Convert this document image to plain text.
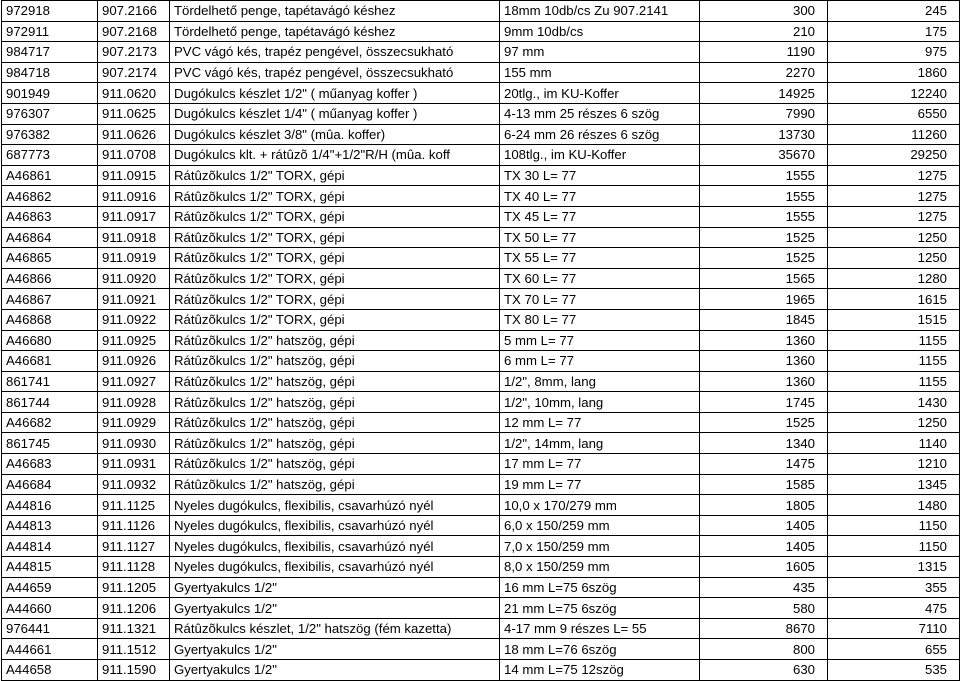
972918	907.2166	Tördelhető penge, tapétavágó késhez	18mm 10db/cs Zu 907.2141	300	245
972911	907.2168	Tördelhető penge, tapétavágó késhez	9mm 10db/cs	210	175
984717	907.2173	PVC vágó kés, trapéz pengével, összecsukható	97 mm	1190	975
984718	907.2174	PVC vágó kés, trapéz pengével, összecsukható	155 mm	2270	1860
901949	911.0620	Dugókulcs készlet 1/2" ( műanyag koffer )	20tlg., im KU-Koffer	14925	12240
976307	911.0625	Dugókulcs készlet 1/4" ( műanyag koffer )	4-13 mm 25 részes 6 szög	7990	6550
976382	911.0626	Dugókulcs készlet 3/8" (mûa. koffer)	6-24 mm 26 részes 6 szög	13730	11260
687773	911.0708	Dugókulcs klt. + rátûzõ 1/4"+1/2"R/H (mûa. koff	108tlg., im KU-Koffer	35670	29250
A46861	911.0915	Rátûzõkulcs 1/2" TORX, gépi	TX 30 L= 77	1555	1275
A46862	911.0916	Rátûzõkulcs 1/2" TORX, gépi	TX 40 L= 77	1555	1275
A46863	911.0917	Rátûzõkulcs 1/2" TORX, gépi	TX 45 L= 77	1555	1275
A46864	911.0918	Rátûzõkulcs 1/2" TORX, gépi	TX 50 L= 77	1525	1250
A46865	911.0919	Rátûzõkulcs 1/2" TORX, gépi	TX 55 L= 77	1525	1250
A46866	911.0920	Rátûzõkulcs 1/2" TORX, gépi	TX 60 L= 77	1565	1280
A46867	911.0921	Rátûzõkulcs 1/2" TORX, gépi	TX 70 L= 77	1965	1615
A46868	911.0922	Rátûzõkulcs 1/2" TORX, gépi	TX 80 L= 77	1845	1515
A46680	911.0925	Rátûzõkulcs 1/2" hatszög, gépi	5 mm L= 77	1360	1155
A46681	911.0926	Rátûzõkulcs 1/2" hatszög, gépi	6 mm L= 77	1360	1155
861741	911.0927	Rátûzõkulcs 1/2" hatszög, gépi	1/2", 8mm, lang	1360	1155
861744	911.0928	Rátûzõkulcs 1/2" hatszög, gépi	1/2", 10mm, lang	1745	1430
A46682	911.0929	Rátûzõkulcs 1/2" hatszög, gépi	12 mm L= 77	1525	1250
861745	911.0930	Rátûzõkulcs 1/2" hatszög, gépi	1/2", 14mm, lang	1340	1140
A46683	911.0931	Rátûzõkulcs 1/2" hatszög, gépi	17 mm L= 77	1475	1210
A46684	911.0932	Rátûzõkulcs 1/2" hatszög, gépi	19 mm L= 77	1585	1345
A44816	911.1125	Nyeles dugókulcs, flexibilis, csavarhúzó nyél	10,0 x 170/279 mm	1805	1480
A44813	911.1126	Nyeles dugókulcs, flexibilis, csavarhúzó nyél	6,0 x 150/259 mm	1405	1150
A44814	911.1127	Nyeles dugókulcs, flexibilis, csavarhúzó nyél	7,0 x 150/259 mm	1405	1150
A44815	911.1128	Nyeles dugókulcs, flexibilis, csavarhúzó nyél	8,0 x 150/259 mm	1605	1315
A44659	911.1205	Gyertyakulcs 1/2"	16 mm L=75 6szög	435	355
A44660	911.1206	Gyertyakulcs 1/2"	21 mm L=75 6szög	580	475
976441	911.1321	Rátûzõkulcs készlet, 1/2" hatszög (fém kazetta)	4-17 mm 9 részes L= 55	8670	7110
A44661	911.1512	Gyertyakulcs 1/2"	18 mm L=76 6szög	800	655
A44658	911.1590	Gyertyakulcs 1/2"	14 mm L=75 12szög	630	535
